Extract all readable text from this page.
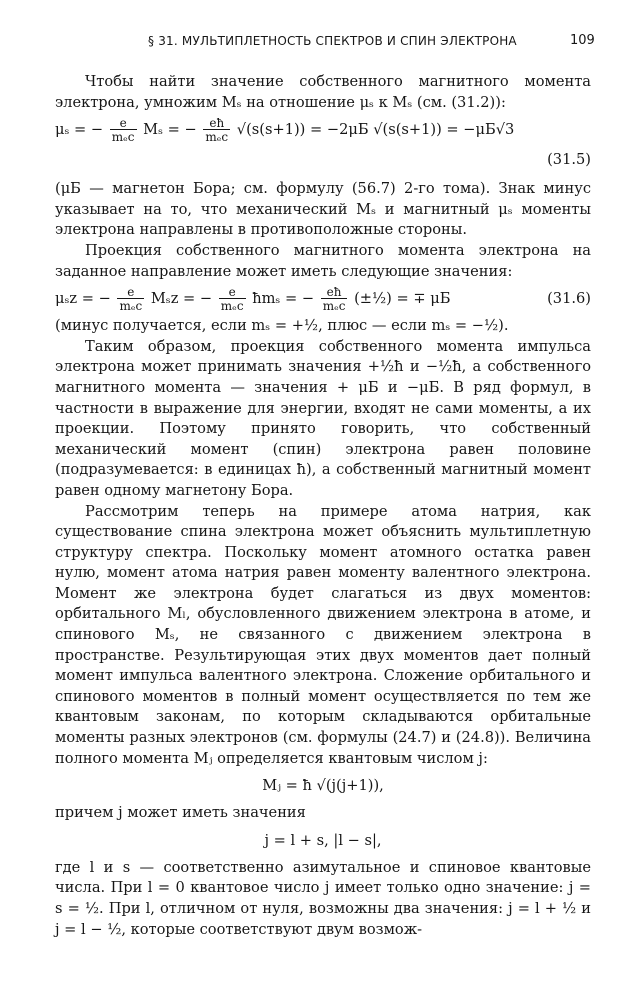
§ 31. МУЛЬТИПЛЕТНОСТЬ СПЕКТРОВ И СПИН ЭЛЕКТРОНА	109

Чтобы найти значение собственного магнитного момента электрона, умножим Mₛ на отношение μₛ к Mₛ (см. (31.2)):

μₛ = − $\frac{e}{\text{mₑc}}$ Mₛ = − $\frac{eħ}{\text{mₑc}} √(s(s+1)) = -2\mu Б$ √(s(s+1)) = −μБ√3
(31.5)

(μБ — магнетон Бора; см. формулу (56.7) 2-го тома). Знак минус указывает на то, что механический Mₛ и магнитный μₛ моменты электрона направлены в противоположные стороны.

Проекция собственного магнитного момента электрона на заданное направление может иметь следующие значения:

μₛz = − $\frac{e}{\text{mₑc}}$ Mₛz = − $\frac{e}{\text{mₑc}}$ ħmₛ = − $\frac{eħ}{\text{mₑc}}$ (±½) = ∓ μБ	(31.6)

(минус получается, если mₛ = +½, плюс — если mₛ = −½).

Таким образом, проекция собственного момента импульса электрона может принимать значения +½ħ и −½ħ, а собственного магнитного момента — значения + μБ и −μБ. В ряд формул, в частности в выражение для энергии, входят не сами моменты, а их проекции. Поэтому принято говорить, что собственный механический момент (спин) электрона равен половине (подразумевается: в единицах ħ), а собственный магнитный момент равен одному магнетону Бора.

Рассмотрим теперь на примере атома натрия, как существование спина электрона может объяснить мультиплетную структуру спектра. Поскольку момент атомного остатка равен нулю, момент атома натрия равен моменту валентного электрона. Момент же электрона будет слагаться из двух моментов: орбитального Mₗ, обусловленного движением электрона в атоме, и спинового Mₛ, не связанного с движением электрона в пространстве. Результирующая этих двух моментов дает полный момент импульса валентного электрона. Сложение орбитального и спинового моментов в полный момент осуществляется по тем же квантовым законам, по которым складываются орбитальные моменты разных электронов (см. формулы (24.7) и (24.8)). Величина полного момента Mⱼ определяется квантовым числом j:

Mⱼ = ħ √(j(j+1)),

причем j может иметь значения

j = l + s, |l − s|,

где l и s — соответственно азимутальное и спиновое квантовые числа. При l = 0 квантовое число j имеет только одно значение: j = s = ½. При l, отличном от нуля, возможны два значения: j = l + ½ и j = l − ½, которые соответствуют двум возмож-
